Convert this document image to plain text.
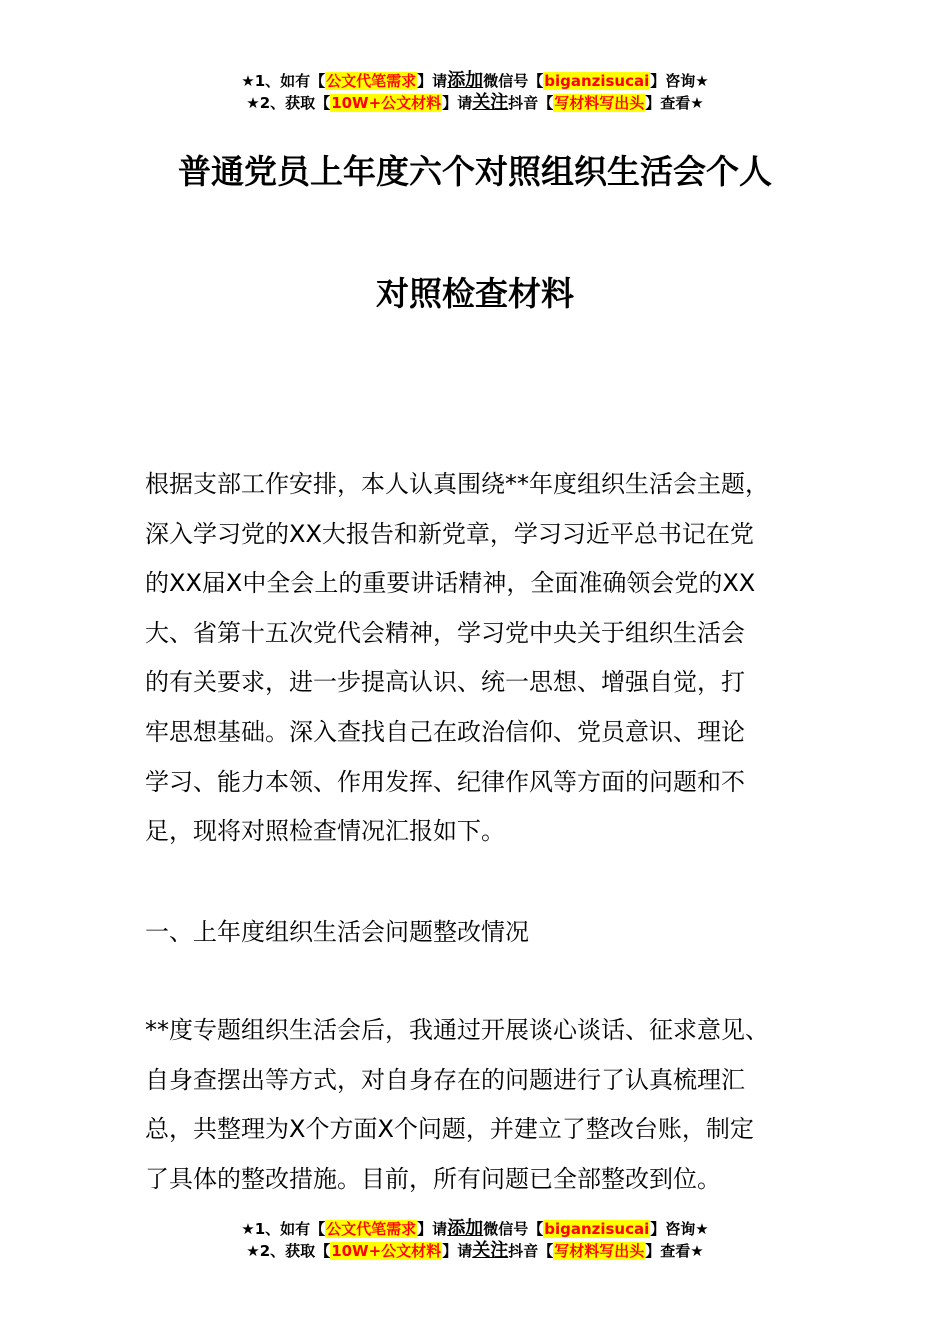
★1、如有【公文代笔需求】请添加微信号【biganzisucai】咨询★
★2、获取【10W+公文材料】请关注抖音【写材料写出头】查看★
普通党员上年度六个对照组织生活会个人
对照检查材料
根据支部工作安排，本人认真围绕**年度组织生活会主题，
深入学习党的XX大报告和新党章，学习习近平总书记在党
的XX届X中全会上的重要讲话精神，全面准确领会党的XX
大、省第十五次党代会精神，学习党中央关于组织生活会
的有关要求，进一步提高认识、统一思想、增强自觉，打
牢思想基础。深入查找自己在政治信仰、党员意识、理论
学习、能力本领、作用发挥、纪律作风等方面的问题和不
足，现将对照检查情况汇报如下。
一、上年度组织生活会问题整改情况
**度专题组织生活会后，我通过开展谈心谈话、征求意见、
自身查摆出等方式，对自身存在的问题进行了认真梳理汇
总，共整理为X个方面X个问题，并建立了整改台账，制定
了具体的整改措施。目前，所有问题已全部整改到位。
★1、如有【公文代笔需求】请添加微信号【biganzisucai】咨询★
★2、获取【10W+公文材料】请关注抖音【写材料写出头】查看★
